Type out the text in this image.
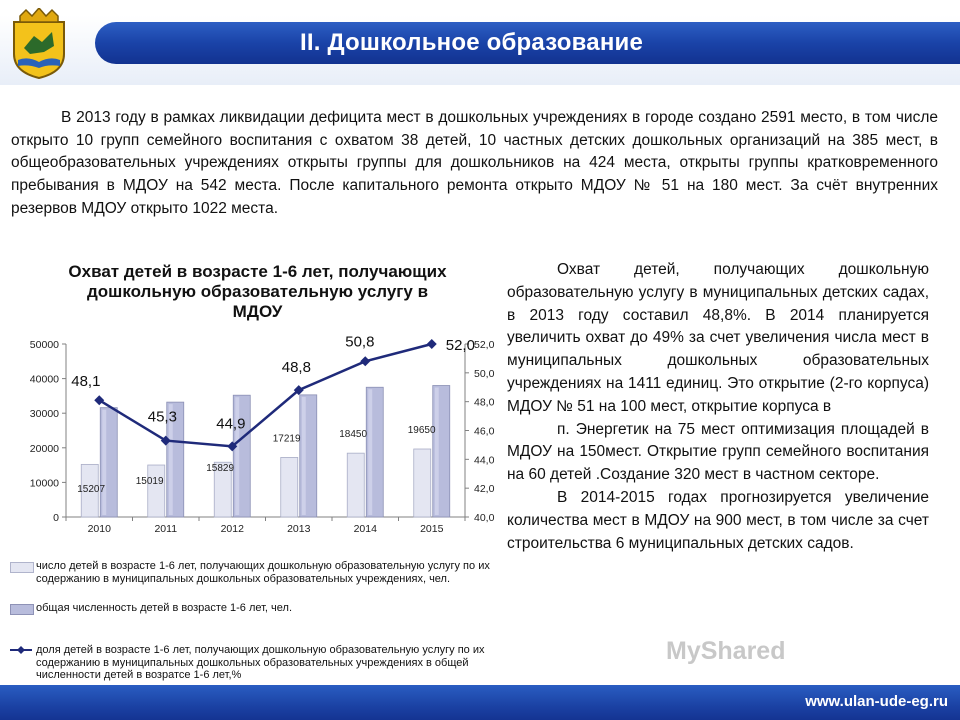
II. Дошкольное образование
В 2013 году в рамках ликвидации дефицита мест в дошкольных учреждениях в городе создано 2591 место, в том числе открыто 10 групп семейного воспитания с охватом 38 детей, 10 частных детских дошкольных организаций на 385 мест, в общеобразовательных учреждениях открыты группы для дошкольников на 424 места, открыты группы кратковременного пребывания в МДОУ на 542 места. После капитального ремонта открыто МДОУ № 51 на 180 мест. За счёт внутренних резервов МДОУ открыто 1022 места.
Охват детей в возрасте 1-6 лет, получающих дошкольную образовательную услугу в МДОУ
0
10000
20000
30000
40000
50000
40,0
42,0
44,0
46,0
48,0
50,0
52,0
2010	2011	2012	2013	2014	2015
15207
15019
15829
17219	18450	19650
48,1
45,3	44,9
48,8
50,8	52,0
число детей в возрасте 1-6 лет, получающих дошкольную образовательную услугу по их содержанию в муниципальных дошкольных образовательных учреждениях, чел.
общая численность детей в возрасте 1-6 лет, чел.
доля детей в возрасте 1-6 лет, получающих дошкольную образовательную услугу по их содержанию в муниципальных дошкольных образовательных учреждениях в общей численности детей в возратсе 1-6 лет,%

Охват детей, получающих дошкольную образовательную услугу в муниципальных детских садах, в 2013 году составил 48,8%. В 2014 планируется увеличить охват до 49% за счет увеличения числа мест в муниципальных дошкольных образовательных учреждениях на 1411 единиц. Это открытие (2-го корпуса) МДОУ № 51 на 100 мест, открытие корпуса в

п. Энергетик на 75 мест оптимизация площадей в МДОУ на 150мест. Открытие групп семейного воспитания на 60 детей .Создание 320 мест в частном секторе.

В 2014-2015 годах прогнозируется увеличение количества мест в МДОУ на 900 мест, в том числе за счет строительства 6 муниципальных детских садов.

MyShared
www.ulan-ude-eg.ru
